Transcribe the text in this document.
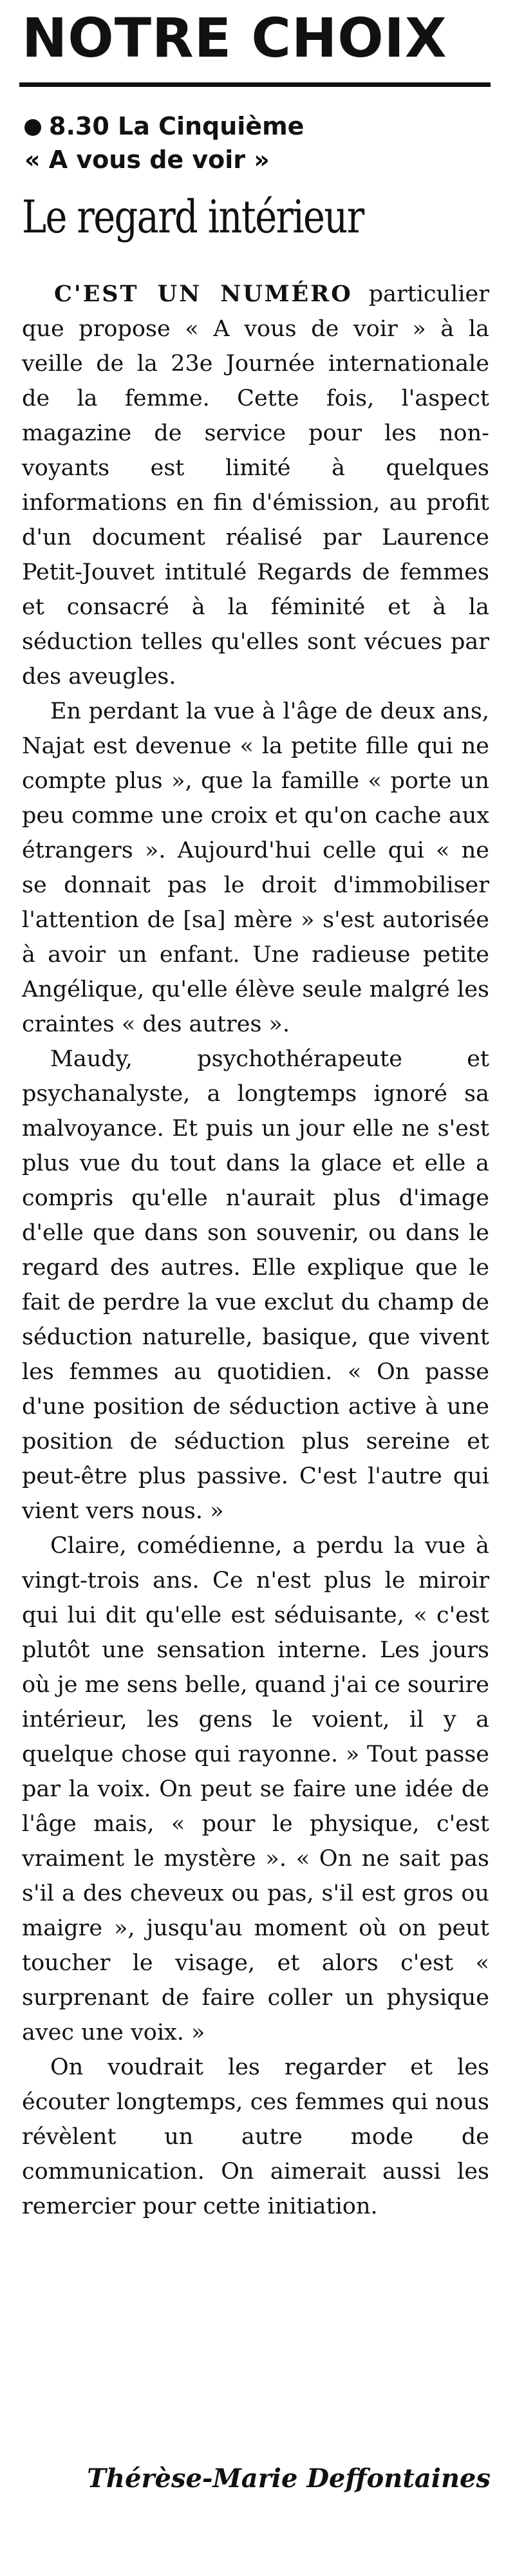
NOTRE CHOIX
8.30 La Cinquième
« A vous de voir »
Le regard intérieur

C'EST UN NUMÉRO particulier que propose « A vous de voir » à la veille de la 23e Journée internationale de la femme. Cette fois, l'aspect magazine de service pour les non-voyants est limité à quelques informations en fin d'émission, au profit d'un document réalisé par Laurence Petit-Jouvet intitulé Regards de femmes et consacré à la féminité et à la séduction telles qu'elles sont vécues par des aveugles.

En perdant la vue à l'âge de deux ans, Najat est devenue « la petite fille qui ne compte plus », que la famille « porte un peu comme une croix et qu'on cache aux étrangers ». Aujourd'hui celle qui « ne se donnait pas le droit d'immobiliser l'attention de [sa] mère » s'est autorisée à avoir un enfant. Une radieuse petite Angélique, qu'elle élève seule malgré les craintes « des autres ».

Maudy, psychothérapeute et psychanalyste, a longtemps ignoré sa malvoyance. Et puis un jour elle ne s'est plus vue du tout dans la glace et elle a compris qu'elle n'aurait plus d'image d'elle que dans son souvenir, ou dans le regard des autres. Elle explique que le fait de perdre la vue exclut du champ de séduction naturelle, basique, que vivent les femmes au quotidien. « On passe d'une position de séduction active à une position de séduction plus sereine et peut-être plus passive. C'est l'autre qui vient vers nous. »

Claire, comédienne, a perdu la vue à vingt-trois ans. Ce n'est plus le miroir qui lui dit qu'elle est séduisante, « c'est plutôt une sensation interne. Les jours où je me sens belle, quand j'ai ce sourire intérieur, les gens le voient, il y a quelque chose qui rayonne. » Tout passe par la voix. On peut se faire une idée de l'âge mais, « pour le physique, c'est vraiment le mystère ». « On ne sait pas s'il a des cheveux ou pas, s'il est gros ou maigre », jusqu'au moment où on peut toucher le visage, et alors c'est « surprenant de faire coller un physique avec une voix. »

On voudrait les regarder et les écouter longtemps, ces femmes qui nous révèlent un autre mode de communication. On aimerait aussi les remercier pour cette initiation.

Thérèse-Marie Deffontaines
